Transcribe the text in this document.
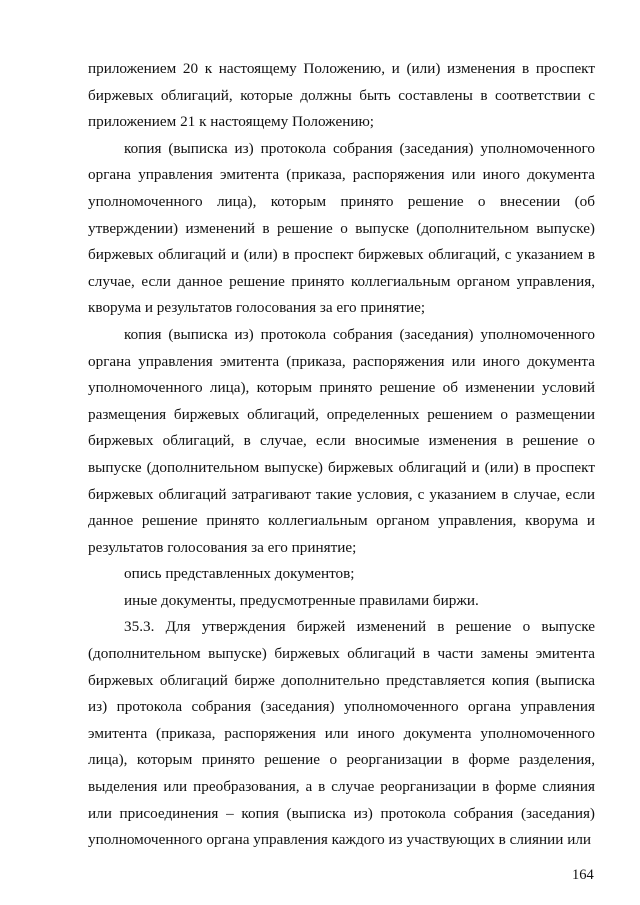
приложением 20 к настоящему Положению, и (или) изменения в проспект биржевых облигаций, которые должны быть составлены в соответствии с приложением 21 к настоящему Положению;

копия (выписка из) протокола собрания (заседания) уполномоченного органа управления эмитента (приказа, распоряжения или иного документа уполномоченного лица), которым принято решение о внесении (об утверждении) изменений в решение о выпуске (дополнительном выпуске) биржевых облигаций и (или) в проспект биржевых облигаций, с указанием в случае, если данное решение принято коллегиальным органом управления, кворума и результатов голосования за его принятие;

копия (выписка из) протокола собрания (заседания) уполномоченного органа управления эмитента (приказа, распоряжения или иного документа уполномоченного лица), которым принято решение об изменении условий размещения биржевых облигаций, определенных решением о размещении биржевых облигаций, в случае, если вносимые изменения в решение о выпуске (дополнительном выпуске) биржевых облигаций и (или) в проспект биржевых облигаций затрагивают такие условия, с указанием в случае, если данное решение принято коллегиальным органом управления, кворума и результатов голосования за его принятие;

опись представленных документов;

иные документы, предусмотренные правилами биржи.

35.3. Для утверждения биржей изменений в решение о выпуске (дополнительном выпуске) биржевых облигаций в части замены эмитента биржевых облигаций бирже дополнительно представляется копия (выписка из) протокола собрания (заседания) уполномоченного органа управления эмитента (приказа, распоряжения или иного документа уполномоченного лица), которым принято решение о реорганизации в форме разделения, выделения или преобразования, а в случае реорганизации в форме слияния или присоединения – копия (выписка из) протокола собрания (заседания) уполномоченного органа управления каждого из участвующих в слиянии или

164
